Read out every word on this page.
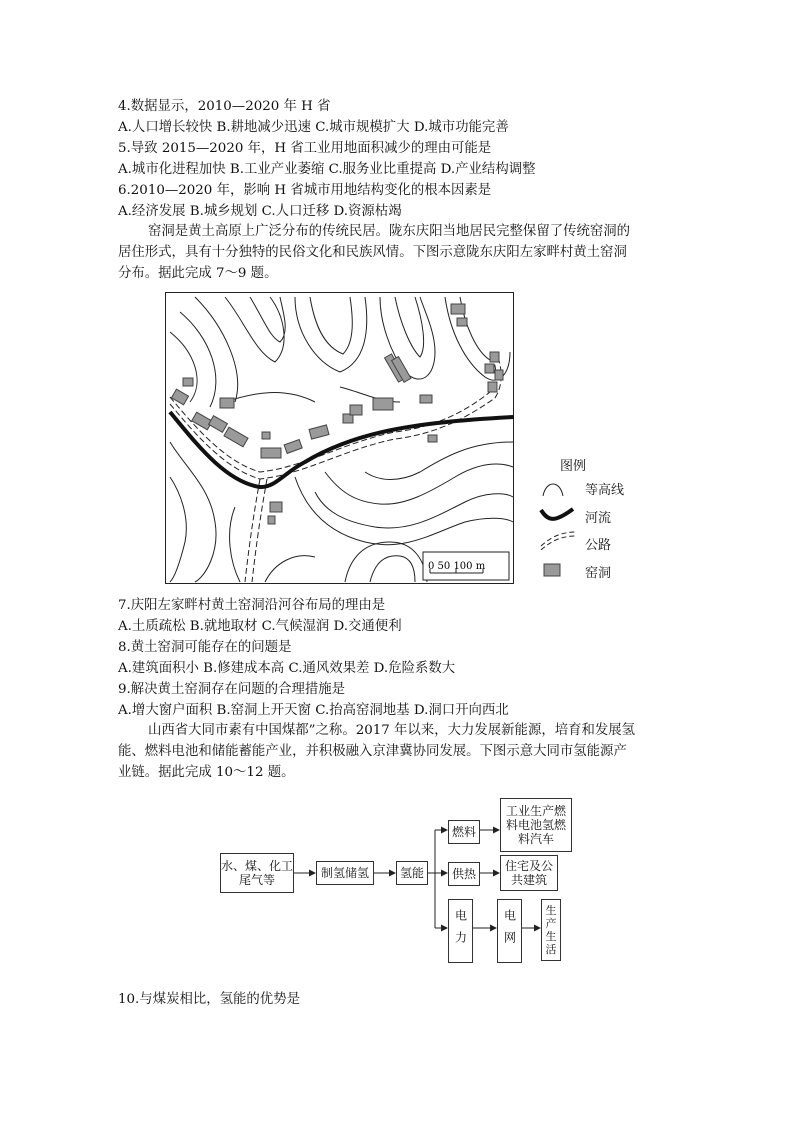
4.数据显示，2010—2020 年 H 省
A.人口增长较快 B.耕地减少迅速 C.城市规模扩大 D.城市功能完善
5.导致 2015—2020 年，H 省工业用地面积减少的理由可能是
A.城市化进程加快 B.工业产业萎缩 C.服务业比重提高 D.产业结构调整
6.2010—2020 年，影响 H 省城市用地结构变化的根本因素是
A.经济发展 B.城乡规划 C.人口迁移 D.资源枯竭
窑洞是黄土高原上广泛分布的传统民居。陇东庆阳当地居民完整保留了传统窑洞的
居住形式，具有十分独特的民俗文化和民族风情。下图示意陇东庆阳左家畔村黄土窑洞
分布。据此完成 7～9 题。
0 50 100 m
图例
等高线
河流
公路
窑洞
7.庆阳左家畔村黄土窑洞沿河谷布局的理由是
A.土质疏松 B.就地取材 C.气候湿润 D.交通便利
8.黄土窑洞可能存在的问题是
A.建筑面积小 B.修建成本高 C.通风效果差 D.危险系数大
9.解决黄土窑洞存在问题的合理措施是
A.增大窗户面积 B.窑洞上开天窗 C.抬高窑洞地基 D.洞口开向西北
山西省大同市素有中国煤都”之称。2017 年以来，大力发展新能源，培育和发展氢
能、燃料电池和储能蓄能产业，并积极融入京津冀协同发展。下图示意大同市氢能源产
业链。据此完成 10～12 题。
水、煤、化工尾气等	制氢储氢	氢能
燃料
工业生产燃料电池氢燃料汽车
供热
住宅及公共建筑
电力	电网	生产生活
10.与煤炭相比，氢能的优势是
